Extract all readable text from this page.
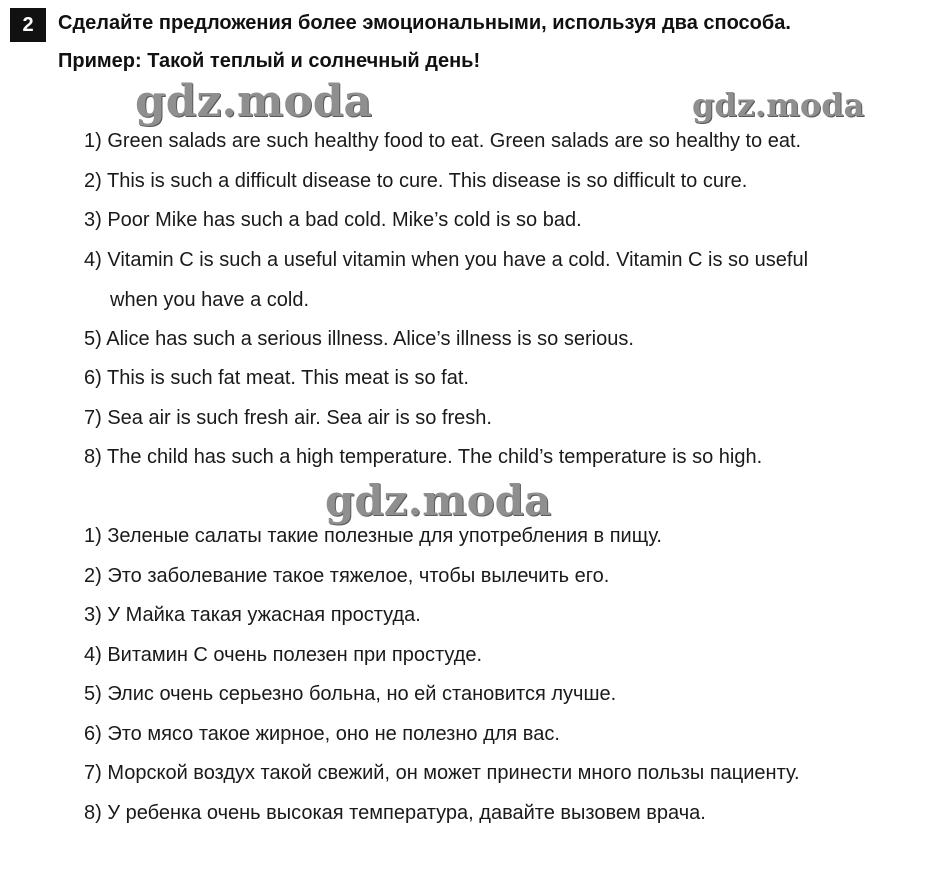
2	Сделайте предложения более эмоциональными, используя два способа.
Пример: Такой теплый и солнечный день!
gdz.moda	gdz.moda
1) Green salads are such healthy food to eat. Green salads are so healthy to eat.
2) This is such a difficult disease to cure. This disease is so difficult to cure.
3) Poor Mike has such a bad cold. Mike’s cold is so bad.
4) Vitamin C is such a useful vitamin when you have a cold. Vitamin C is so useful
when you have a cold.
5) Alice has such a serious illness. Alice’s illness is so serious.
6) This is such fat meat. This meat is so fat.
7) Sea air is such fresh air. Sea air is so fresh.
8) The child has such a high temperature. The child’s temperature is so high.
gdz.moda
1) Зеленые салаты такие полезные для употребления в пищу.
2) Это заболевание такое тяжелое, чтобы вылечить его.
3) У Майка такая ужасная простуда.
4) Витамин С очень полезен при простуде.
5) Элис очень серьезно больна, но ей становится лучше.
6) Это мясо такое жирное, оно не полезно для вас.
7) Морской воздух такой свежий, он может принести много пользы пациенту.
8) У ребенка очень высокая температура, давайте вызовем врача.
